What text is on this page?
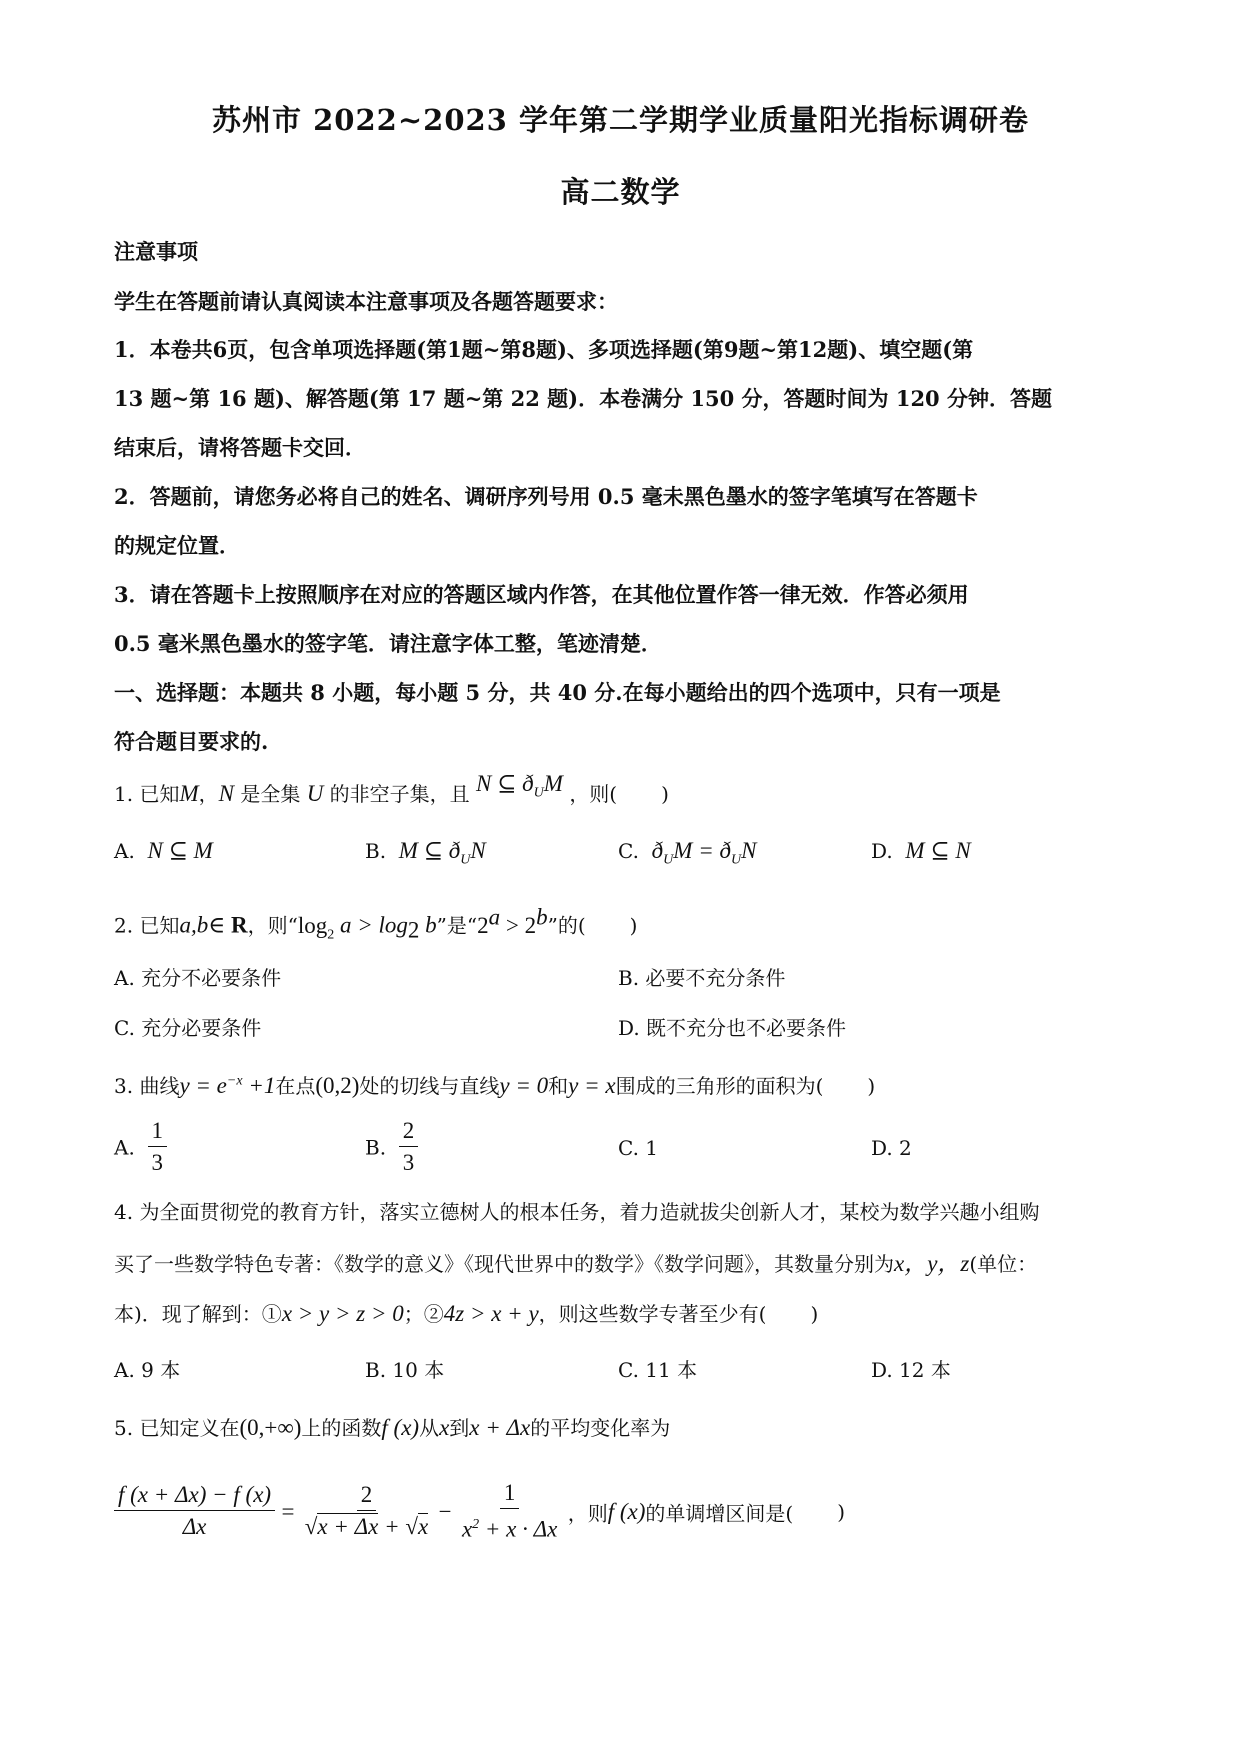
苏州市 2022~2023 学年第二学期学业质量阳光指标调研卷
高二数学
注意事项
学生在答题前请认真阅读本注意事项及各题答题要求：
1．本卷共6页，包含单项选择题(第1题~第8题)、多项选择题(第9题~第12题)、填空题(第
13 题~第 16 题)、解答题(第 17 题~第 22 题)．本卷满分 150 分，答题时间为 120 分钟．答题
结束后，请将答题卡交回．
2．答题前，请您务必将自己的姓名、调研序列号用 0.5 毫未黑色墨水的签字笔填写在答题卡
的规定位置．
3．请在答题卡上按照顺序在对应的答题区域内作答，在其他位置作答一律无效．作答必须用
0.5 毫米黑色墨水的签字笔．请注意字体工整，笔迹清楚．
一、选择题：本题共 8 小题，每小题 5 分，共 40 分.在每小题给出的四个选项中，只有一项是
符合题目要求的.
1. 已知M，N 是全集 U 的非空子集，且 N ⊆ $ð_UM$ ，则( )
A. N ⊆ M	B. M ⊆ $ð_UN$	C. $ð_UM$ = $ð_UN$	D. M ⊆ N
2. 已知a,b∈ R，则“$\log_2$ $a > \log_2 b$”是“$2^a > 2^b$”的( )
A. 充分不必要条件	B. 必要不充分条件
C. 充分必要条件	D. 既不充分也不必要条件
3. 曲线$y = e^{-x} +1$在点(0,2)处的切线与直线y = 0和y = x围成的三角形的面积为( )
A. $\frac{1}{3}$	B. $\frac{2}{3}$	C. 1	D. 2
4. 为全面贯彻党的教育方针，落实立德树人的根本任务，着力造就拔尖创新人才，某校为数学兴趣小组购
买了一些数学特色专著：《数学的意义》《现代世界中的数学》《数学问题》，其数量分别为x，y，z(单位：
本)．现了解到：①x > y > z > 0；②4z > x + y，则这些数学专著至少有( )
A. 9 本	B. 10 本	C. 11 本	D. 12 本
5. 已知定义在(0,+∞)上的函数f (x)从x到x + Δx的平均变化率为
$\frac{f (x + \Delta x) - f (x)}{\Delta x} = \frac{2}{√x + \Delta x + √x} - \frac{1}{x^2 + x \cdot \Delta x}$ ，则f (x)的单调增区间是( )
